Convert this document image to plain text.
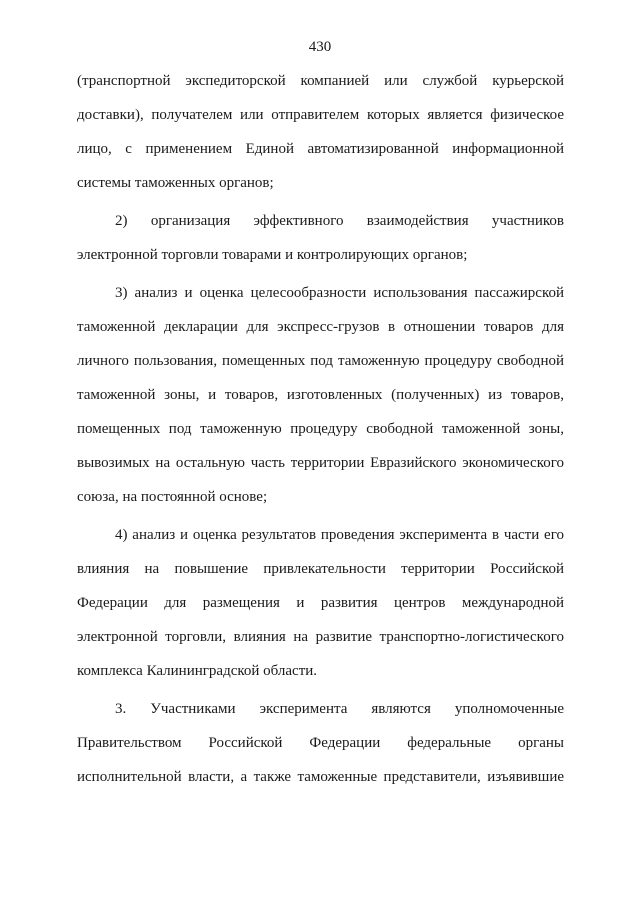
430
(транспортной экспедиторской компанией или службой курьерской
доставки), получателем или отправителем которых является физическое
лицо, с применением Единой автоматизированной информационной
системы таможенных органов;
2) организация эффективного взаимодействия участников
электронной торговли товарами и контролирующих органов;
3) анализ и оценка целесообразности использования пассажирской
таможенной декларации для экспресс-грузов в отношении товаров для
личного пользования, помещенных под таможенную процедуру свободной
таможенной зоны, и товаров, изготовленных (полученных) из товаров,
помещенных под таможенную процедуру свободной таможенной зоны,
вывозимых на остальную часть территории Евразийского экономического
союза, на постоянной основе;
4) анализ и оценка результатов проведения эксперимента в части его
влияния на повышение привлекательности территории Российской
Федерации для размещения и развития центров международной
электронной торговли, влияния на развитие транспортно-логистического
комплекса Калининградской области.
3. Участниками эксперимента являются уполномоченные
Правительством Российской Федерации федеральные органы
исполнительной власти, а также таможенные представители, изъявившие
